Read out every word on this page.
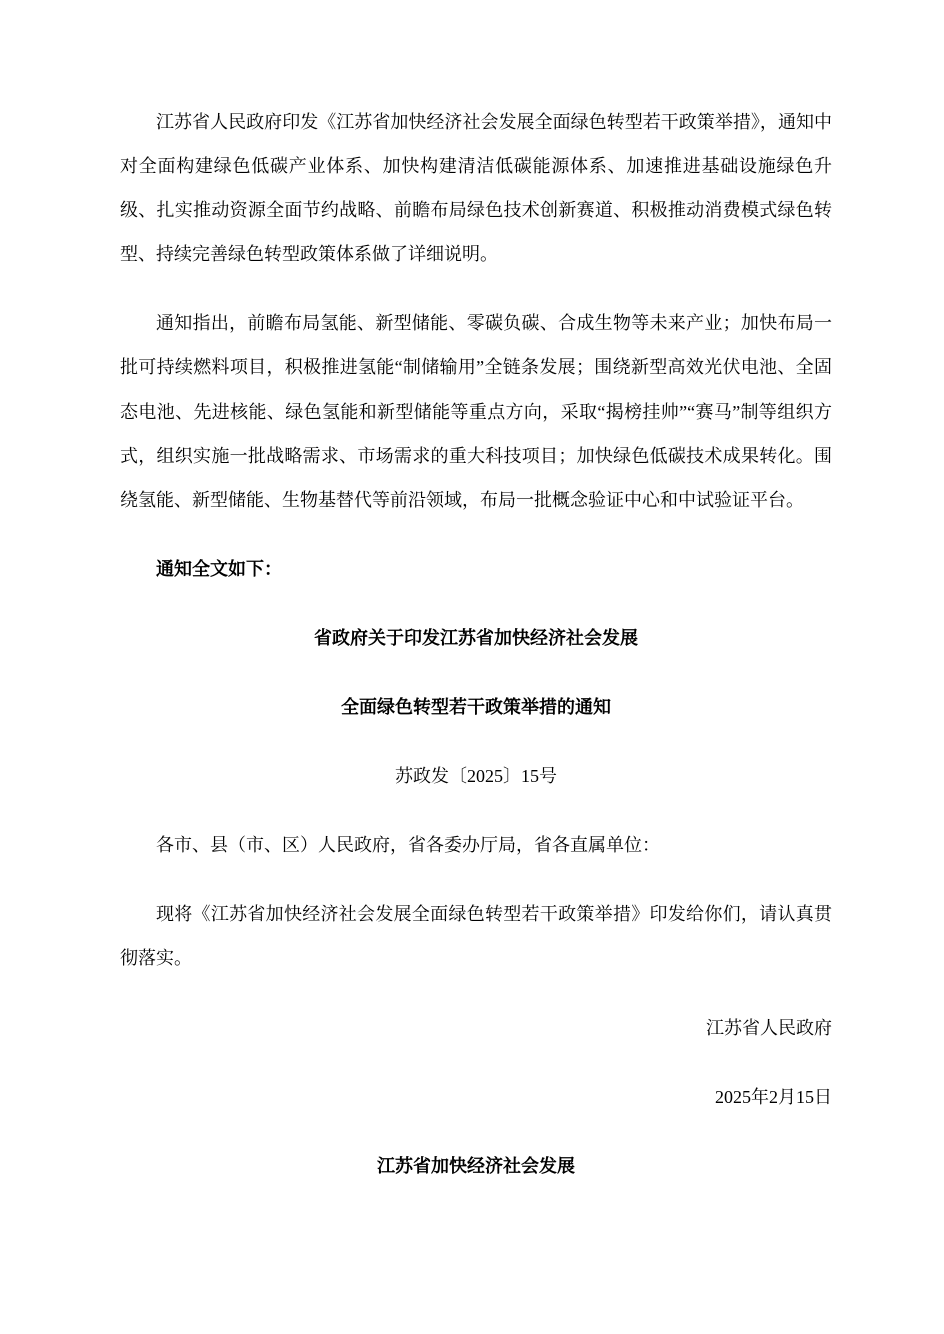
江苏省人民政府印发《江苏省加快经济社会发展全面绿色转型若干政策举措》，通知中对全面构建绿色低碳产业体系、加快构建清洁低碳能源体系、加速推进基础设施绿色升级、扎实推动资源全面节约战略、前瞻布局绿色技术创新赛道、积极推动消费模式绿色转型、持续完善绿色转型政策体系做了详细说明。

通知指出，前瞻布局氢能、新型储能、零碳负碳、合成生物等未来产业；加快布局一批可持续燃料项目，积极推进氢能“制储输用”全链条发展；围绕新型高效光伏电池、全固态电池、先进核能、绿色氢能和新型储能等重点方向，采取“揭榜挂帅”“赛马”制等组织方式，组织实施一批战略需求、市场需求的重大科技项目；加快绿色低碳技术成果转化。围绕氢能、新型储能、生物基替代等前沿领域，布局一批概念验证中心和中试验证平台。

通知全文如下：

省政府关于印发江苏省加快经济社会发展

全面绿色转型若干政策举措的通知

苏政发〔2025〕15号

各市、县（市、区）人民政府，省各委办厅局，省各直属单位：

现将《江苏省加快经济社会发展全面绿色转型若干政策举措》印发给你们，请认真贯彻落实。

江苏省人民政府

2025年2月15日

江苏省加快经济社会发展
